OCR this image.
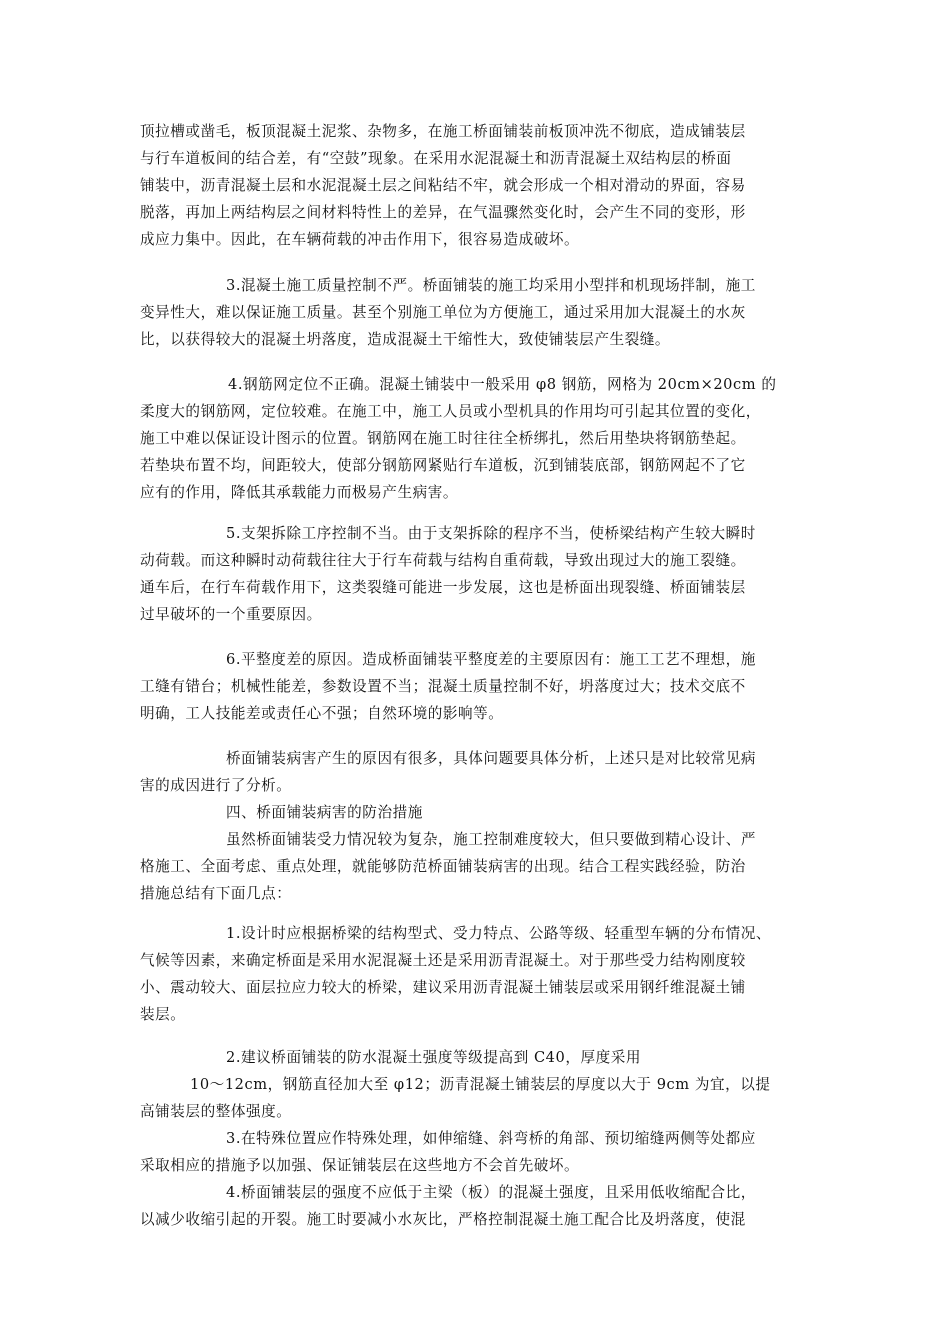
顶拉槽或凿毛，板顶混凝土泥浆、杂物多，在施工桥面铺装前板顶冲洗不彻底，造成铺装层
与行车道板间的结合差，有“空鼓”现象。在采用水泥混凝土和沥青混凝土双结构层的桥面
铺装中，沥青混凝土层和水泥混凝土层之间粘结不牢，就会形成一个相对滑动的界面，容易
脱落，再加上两结构层之间材料特性上的差异，在气温骤然变化时，会产生不同的变形，形
成应力集中。因此，在车辆荷载的冲击作用下，很容易造成破坏。
3.混凝土施工质量控制不严。桥面铺装的施工均采用小型拌和机现场拌制，施工
变异性大，难以保证施工质量。甚至个别施工单位为方便施工，通过采用加大混凝土的水灰
比，以获得较大的混凝土坍落度，造成混凝土干缩性大，致使铺装层产生裂缝。
4.钢筋网定位不正确。混凝土铺装中一般采用 φ8 钢筋，网格为 20cm×20cm 的
柔度大的钢筋网，定位较难。在施工中，施工人员或小型机具的作用均可引起其位置的变化，
施工中难以保证设计图示的位置。钢筋网在施工时往往全桥绑扎，然后用垫块将钢筋垫起。
若垫块布置不均，间距较大，使部分钢筋网紧贴行车道板，沉到铺装底部，钢筋网起不了它
应有的作用，降低其承载能力而极易产生病害。
5.支架拆除工序控制不当。由于支架拆除的程序不当，使桥梁结构产生较大瞬时
动荷载。而这种瞬时动荷载往往大于行车荷载与结构自重荷载，导致出现过大的施工裂缝。
通车后，在行车荷载作用下，这类裂缝可能进一步发展，这也是桥面出现裂缝、桥面铺装层
过早破坏的一个重要原因。
6.平整度差的原因。造成桥面铺装平整度差的主要原因有：施工工艺不理想，施
工缝有错台；机械性能差，参数设置不当；混凝土质量控制不好，坍落度过大；技术交底不
明确，工人技能差或责任心不强；自然环境的影响等。
桥面铺装病害产生的原因有很多，具体问题要具体分析，上述只是对比较常见病
害的成因进行了分析。
四、桥面铺装病害的防治措施
虽然桥面铺装受力情况较为复杂，施工控制难度较大，但只要做到精心设计、严
格施工、全面考虑、重点处理，就能够防范桥面铺装病害的出现。结合工程实践经验，防治
措施总结有下面几点：
1.设计时应根据桥梁的结构型式、受力特点、公路等级、轻重型车辆的分布情况、
气候等因素，来确定桥面是采用水泥混凝土还是采用沥青混凝土。对于那些受力结构刚度较
小、震动较大、面层拉应力较大的桥梁，建议采用沥青混凝土铺装层或采用钢纤维混凝土铺
装层。
2.建议桥面铺装的防水混凝土强度等级提高到 C40，厚度采用
10～12cm，钢筋直径加大至 φ12；沥青混凝土铺装层的厚度以大于 9cm 为宜，以提
高铺装层的整体强度。
3.在特殊位置应作特殊处理，如伸缩缝、斜弯桥的角部、预切缩缝两侧等处都应
采取相应的措施予以加强、保证铺装层在这些地方不会首先破坏。
4.桥面铺装层的强度不应低于主梁（板）的混凝土强度，且采用低收缩配合比，
以减少收缩引起的开裂。施工时要减小水灰比，严格控制混凝土施工配合比及坍落度，使混
